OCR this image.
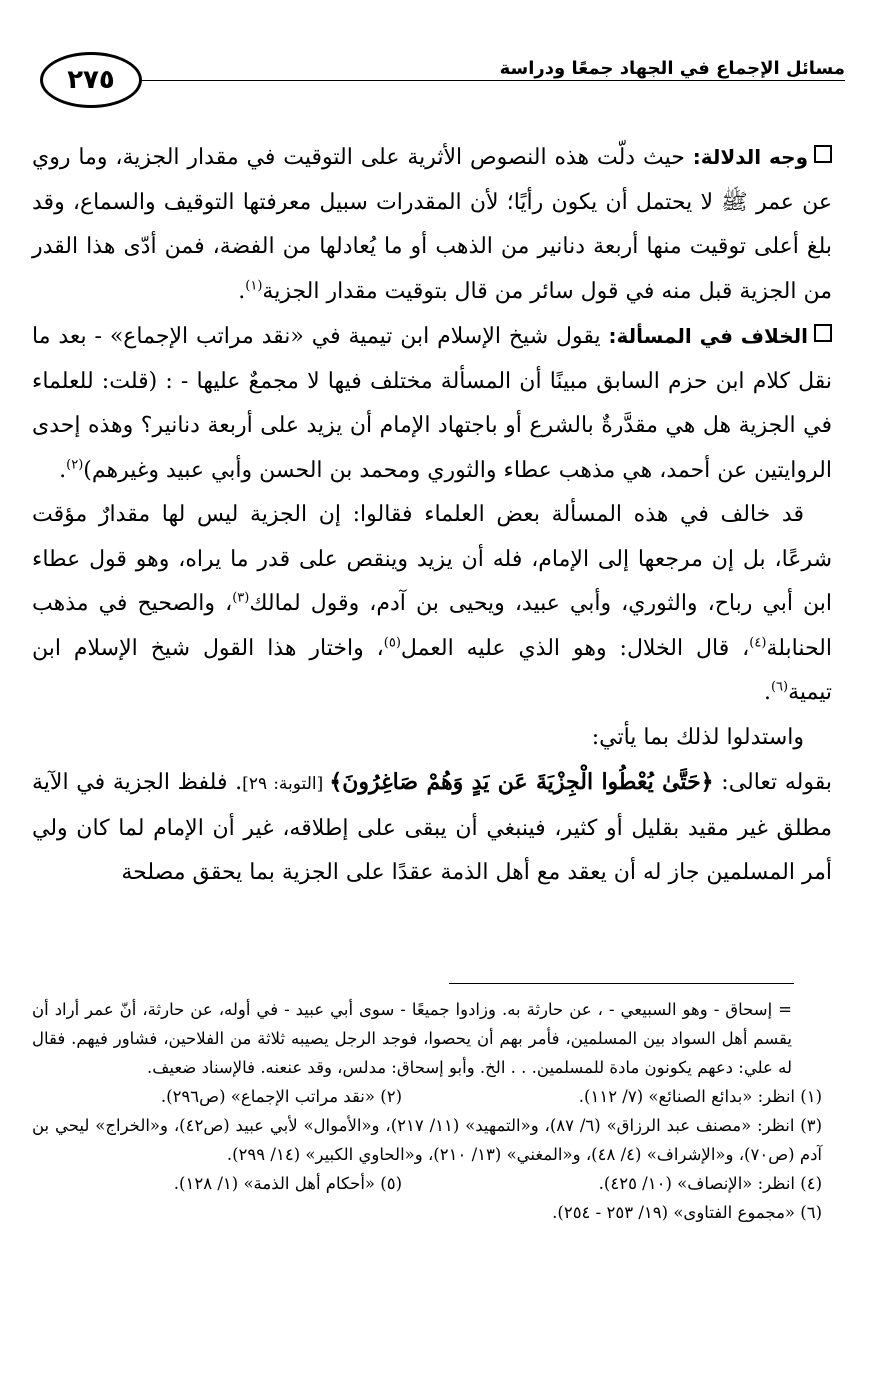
مسائل الإجماع في الجهاد جمعًا ودراسة
٢٧٥

وجه الدلالة: حيث دلّت هذه النصوص الأثرية على التوقيت في مقدار الجزية، وما روي عن عمر ﷺ لا يحتمل أن يكون رأيًا؛ لأن المقدرات سبيل معرفتها التوقيف والسماع، وقد بلغ أعلى توقيت منها أربعة دنانير من الذهب أو ما يُعادلها من الفضة، فمن أدّى هذا القدر من الجزية قبل منه في قول سائر من قال بتوقيت مقدار الجزية$^{(١)}$.

الخلاف في المسألة: يقول شيخ الإسلام ابن تيمية في «نقد مراتب الإجماع» - بعد ما نقل كلام ابن حزم السابق مبينًا أن المسألة مختلف فيها لا مجمعٌ عليها - : (قلت: للعلماء في الجزية هل هي مقدَّرةٌ بالشرع أو باجتهاد الإمام أن يزيد على أربعة دنانير؟ وهذه إحدى الروايتين عن أحمد، هي مذهب عطاء والثوري ومحمد بن الحسن وأبي عبيد وغيرهم)$^{(٢)}$.

قد خالف في هذه المسألة بعض العلماء فقالوا: إن الجزية ليس لها مقدارٌ مؤقت شرعًا، بل إن مرجعها إلى الإمام، فله أن يزيد وينقص على قدر ما يراه، وهو قول عطاء ابن أبي رباح، والثوري، وأبي عبيد، ويحيى بن آدم، وقول لمالك$^{(٣)}$، والصحيح في مذهب الحنابلة$^{(٤)}$، قال الخلال: وهو الذي عليه العمل$^{(٥)}$، واختار هذا القول شيخ الإسلام ابن تيمية$^{(٦)}$.

واستدلوا لذلك بما يأتي:

بقوله تعالى: ﴿حَتَّىٰ يُعْطُوا الْجِزْيَةَ عَن يَدٍ وَهُمْ صَاغِرُونَ﴾ [التوبة: ٢٩]. فلفظ الجزية في الآية مطلق غير مقيد بقليل أو كثير، فينبغي أن يبقى على إطلاقه، غير أن الإمام لما كان ولي أمر المسلمين جاز له أن يعقد مع أهل الذمة عقدًا على الجزية بما يحقق مصلحة

= إسحاق - وهو السبيعي - ، عن حارثة به. وزادوا جميعًا - سوى أبي عبيد - في أوله، عن حارثة، أنّ عمر أراد أن يقسم أهل السواد بين المسلمين، فأمر بهم أن يحصوا، فوجد الرجل يصيبه ثلاثة من الفلاحين، فشاور فيهم. فقال له علي: دعهم يكونون مادة للمسلمين. . . الخ. وأبو إسحاق: مدلس، وقد عنعنه. فالإسناد ضعيف.

(١) انظر: «بدائع الصنائع» (٧/ ١١٢).
(٢) «نقد مراتب الإجماع» (ص٢٩٦).

(٣) انظر: «مصنف عبد الرزاق» (٦/ ٨٧)، و«التمهيد» (١١/ ٢١٧)، و«الأموال» لأبي عبيد (ص٤٢)، و«الخراج» ليحي بن آدم (ص٧٠)، و«الإشراف» (٤/ ٤٨)، و«المغني» (١٣/ ٢١٠)، و«الحاوي الكبير» (١٤/ ٢٩٩).

(٤) انظر: «الإنصاف» (١٠/ ٤٢٥).
(٥) «أحكام أهل الذمة» (١/ ١٢٨).

(٦) «مجموع الفتاوى» (١٩/ ٢٥٣ - ٢٥٤).
